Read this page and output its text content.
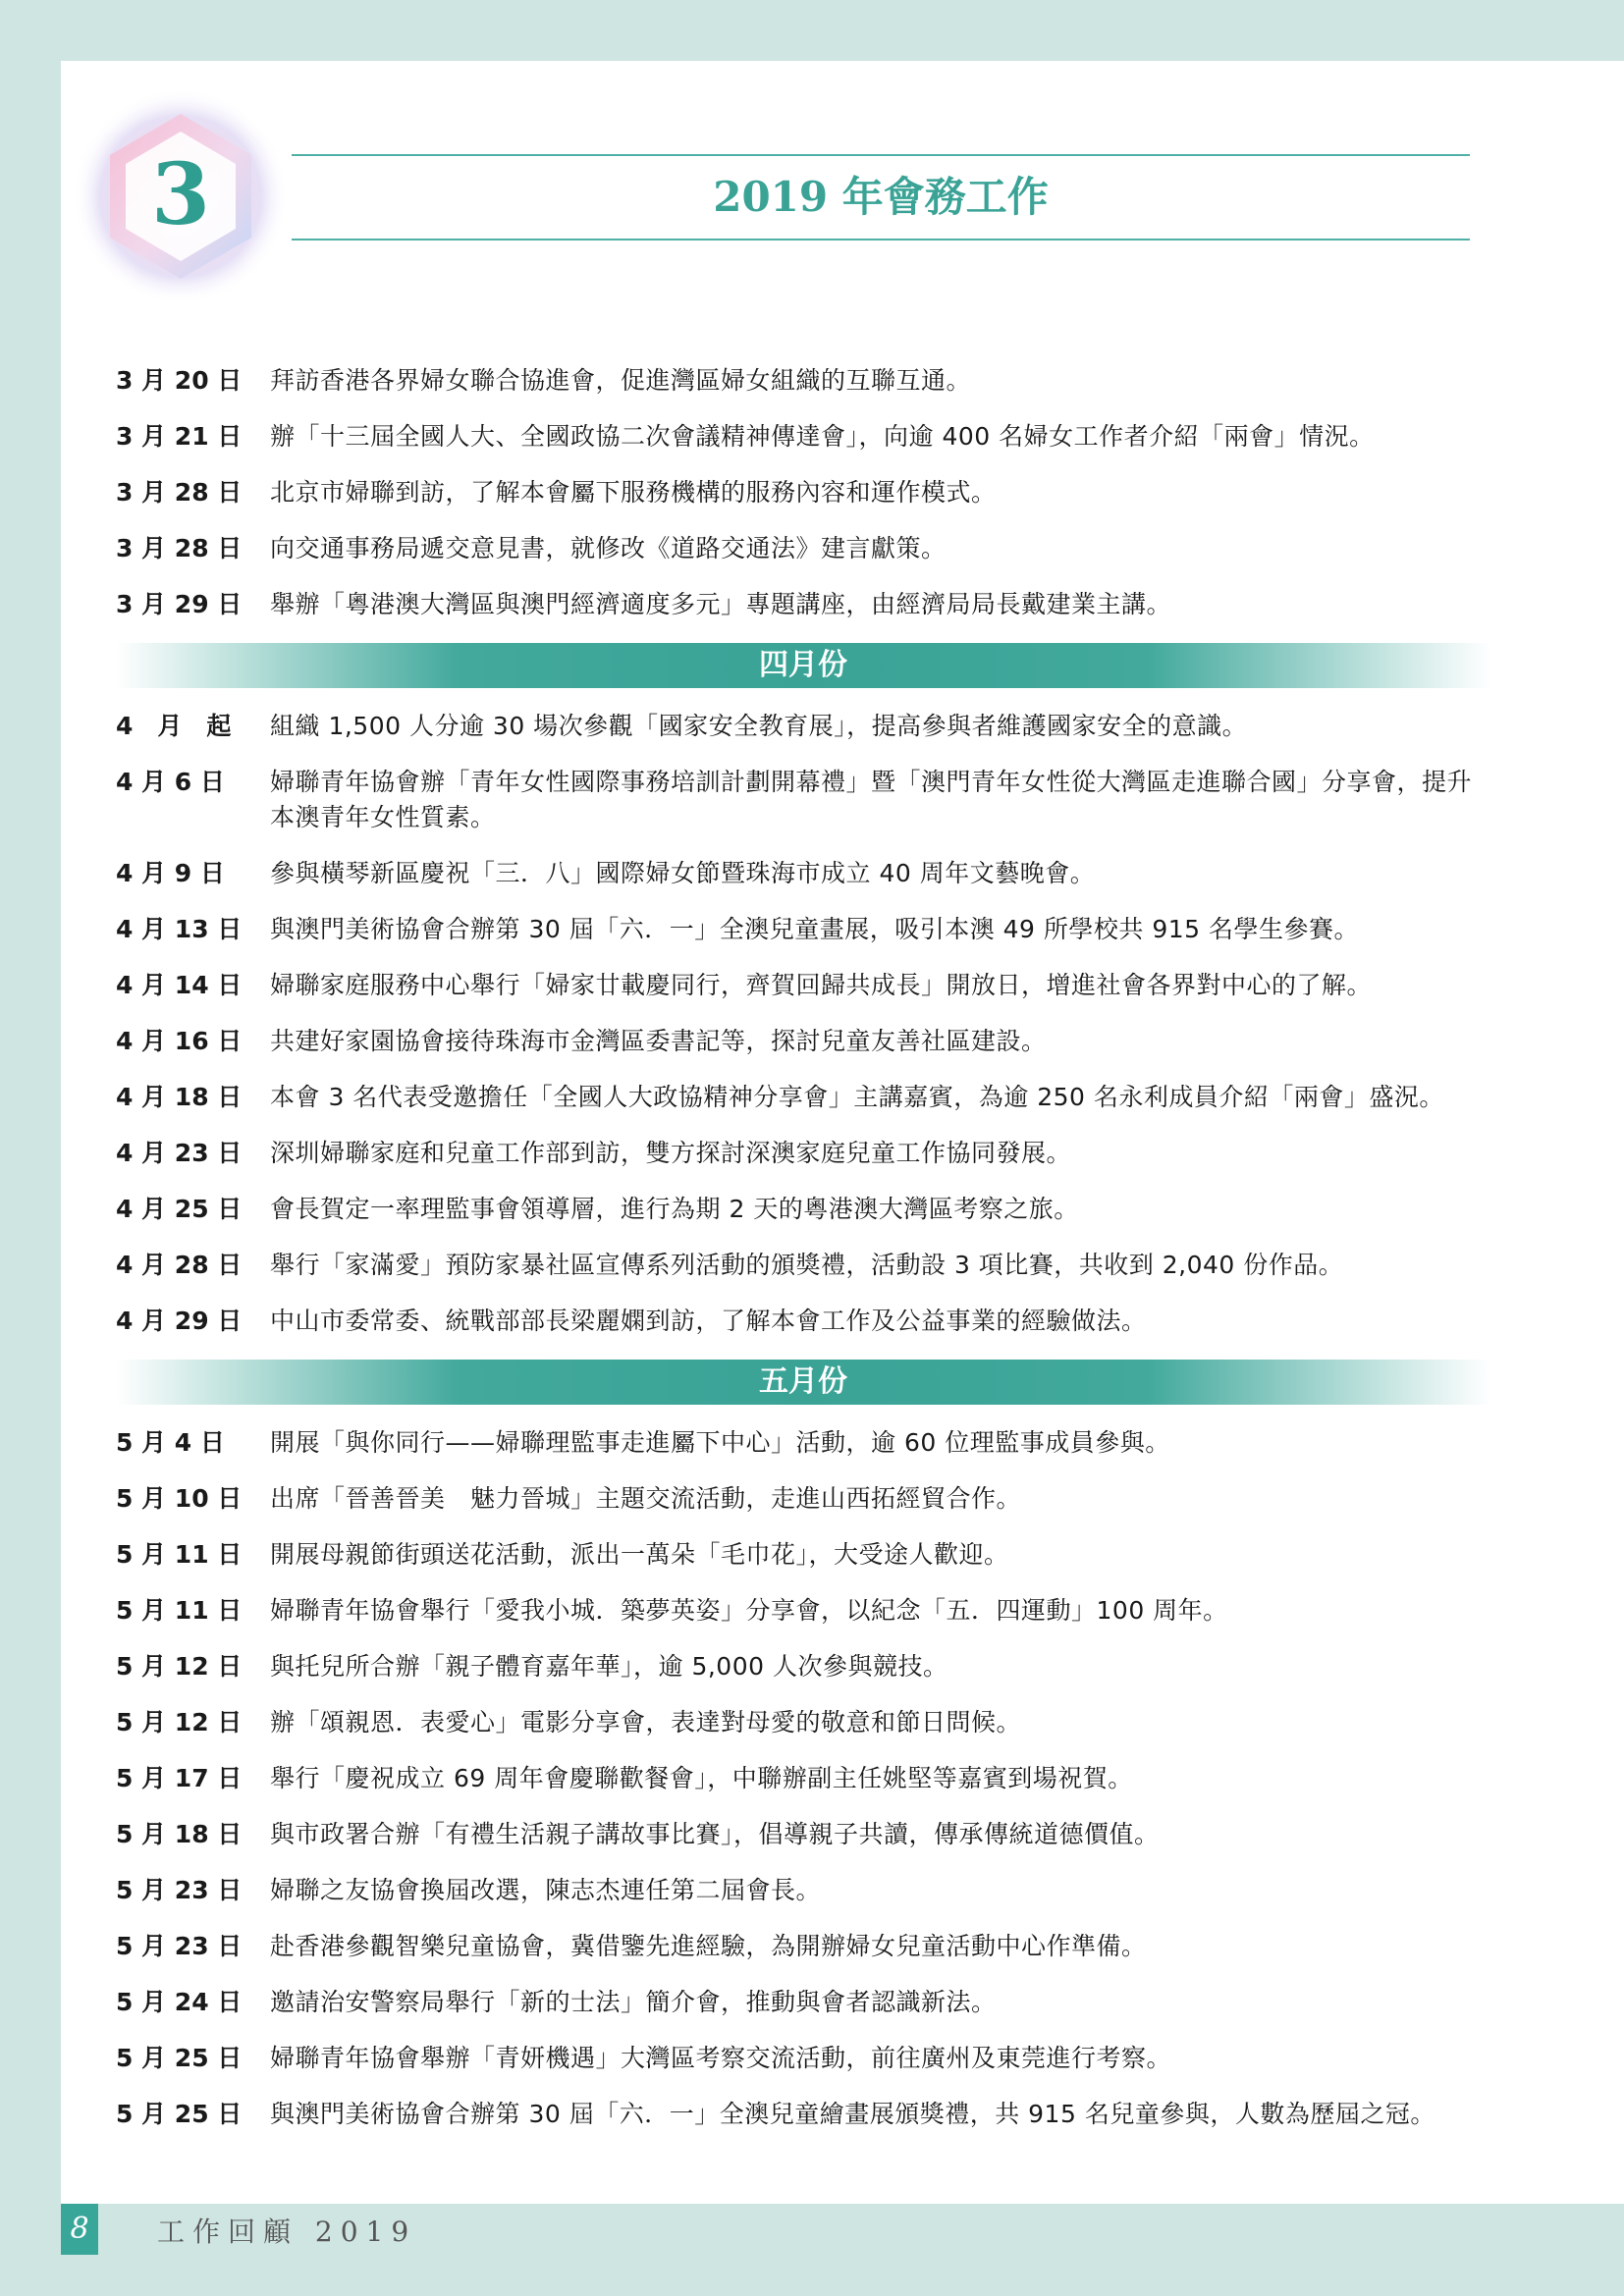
3	2019 年會務工作
3 月 20 日	拜訪香港各界婦女聯合協進會，促進灣區婦女組織的互聯互通。
3 月 21 日	辦「十三屆全國人大、全國政協二次會議精神傳達會」，向逾 400 名婦女工作者介紹「兩會」情況。
3 月 28 日	北京市婦聯到訪，了解本會屬下服務機構的服務內容和運作模式。
3 月 28 日	向交通事務局遞交意見書，就修改《道路交通法》建言獻策。
3 月 29 日	舉辦「粵港澳大灣區與澳門經濟適度多元」專題講座，由經濟局局長戴建業主講。
四月份
4　月　起	組織 1,500 人分逾 30 場次參觀「國家安全教育展」，提高參與者維護國家安全的意識。
4 月 6 日	婦聯青年協會辦「青年女性國際事務培訓計劃開幕禮」暨「澳門青年女性從大灣區走進聯合國」分享會，提升本澳青年女性質素。
4 月 9 日	參與橫琴新區慶祝「三．八」國際婦女節暨珠海市成立 40 周年文藝晚會。
4 月 13 日	與澳門美術協會合辦第 30 屆「六．一」全澳兒童畫展，吸引本澳 49 所學校共 915 名學生參賽。
4 月 14 日	婦聯家庭服務中心舉行「婦家廿載慶同行，齊賀回歸共成長」開放日，增進社會各界對中心的了解。
4 月 16 日	共建好家園協會接待珠海市金灣區委書記等，探討兒童友善社區建設。
4 月 18 日	本會 3 名代表受邀擔任「全國人大政協精神分享會」主講嘉賓，為逾 250 名永利成員介紹「兩會」盛況。
4 月 23 日	深圳婦聯家庭和兒童工作部到訪，雙方探討深澳家庭兒童工作協同發展。
4 月 25 日	會長賀定一率理監事會領導層，進行為期 2 天的粵港澳大灣區考察之旅。
4 月 28 日	舉行「家滿愛」預防家暴社區宣傳系列活動的頒獎禮，活動設 3 項比賽，共收到 2,040 份作品。
4 月 29 日	中山市委常委、統戰部部長梁麗嫻到訪，了解本會工作及公益事業的經驗做法。
五月份
5 月 4 日	開展「與你同行——婦聯理監事走進屬下中心」活動，逾 60 位理監事成員參與。
5 月 10 日	出席「晉善晉美　魅力晉城」主題交流活動，走進山西拓經貿合作。
5 月 11 日	開展母親節街頭送花活動，派出一萬朵「毛巾花」，大受途人歡迎。
5 月 11 日	婦聯青年協會舉行「愛我小城．築夢英姿」分享會，以紀念「五．四運動」100 周年。
5 月 12 日	與托兒所合辦「親子體育嘉年華」，逾 5,000 人次參與競技。
5 月 12 日	辦「頌親恩．表愛心」電影分享會，表達對母愛的敬意和節日問候。
5 月 17 日	舉行「慶祝成立 69 周年會慶聯歡餐會」，中聯辦副主任姚堅等嘉賓到場祝賀。
5 月 18 日	與市政署合辦「有禮生活親子講故事比賽」，倡導親子共讀，傳承傳統道德價值。
5 月 23 日	婦聯之友協會換屆改選，陳志杰連任第二屆會長。
5 月 23 日	赴香港參觀智樂兒童協會，冀借鑒先進經驗，為開辦婦女兒童活動中心作準備。
5 月 24 日	邀請治安警察局舉行「新的士法」簡介會，推動與會者認識新法。
5 月 25 日	婦聯青年協會舉辦「青妍機遇」大灣區考察交流活動，前往廣州及東莞進行考察。
5 月 25 日	與澳門美術協會合辦第 30 屆「六．一」全澳兒童繪畫展頒獎禮，共 915 名兒童參與，人數為歷屆之冠。
8	工作回顧 2019
